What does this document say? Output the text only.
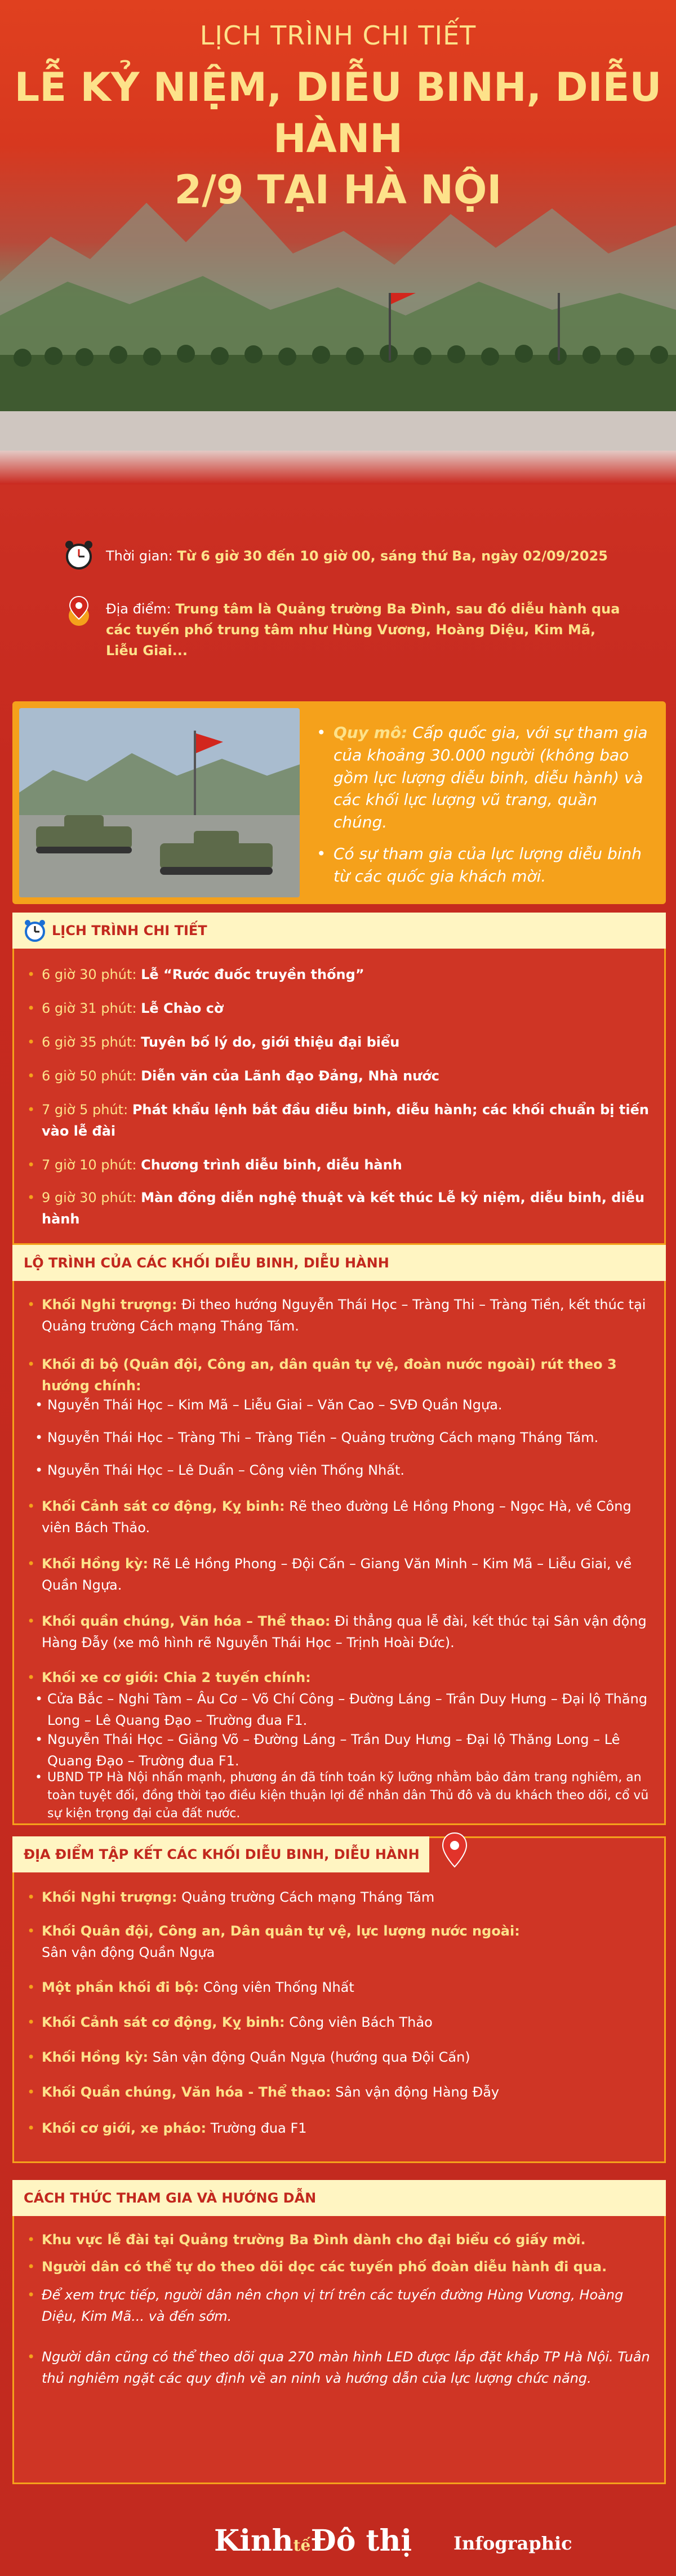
LỊCH TRÌNH CHI TIẾT
LỄ KỶ NIỆM, DIỄU BINH, DIỄU HÀNH
2/9 TẠI HÀ NỘI
Thời gian: Từ 6 giờ 30 đến 10 giờ 00, sáng thứ Ba, ngày 02/09/2025
Địa điểm: Trung tâm là Quảng trường Ba Đình, sau đó diễu hành qua các tuyến phố trung tâm như Hùng Vương, Hoàng Diệu, Kim Mã, Liễu Giai...
• Quy mô: Cấp quốc gia, với sự tham gia của khoảng 30.000 người (không bao gồm lực lượng diễu binh, diễu hành) và các khối lực lượng vũ trang, quần chúng.
• Có sự tham gia của lực lượng diễu binh từ các quốc gia khách mời.
LỊCH TRÌNH CHI TIẾT
• 6 giờ 30 phút: Lễ “Rước đuốc truyền thống”
• 6 giờ 31 phút: Lễ Chào cờ
• 6 giờ 35 phút: Tuyên bố lý do, giới thiệu đại biểu
• 6 giờ 50 phút: Diễn văn của Lãnh đạo Đảng, Nhà nước
• 7 giờ 5 phút: Phát khẩu lệnh bắt đầu diễu binh, diễu hành; các khối chuẩn bị tiến vào lễ đài
• 7 giờ 10 phút: Chương trình diễu binh, diễu hành
• 9 giờ 30 phút: Màn đồng diễn nghệ thuật và kết thúc Lễ kỷ niệm, diễu binh, diễu hành
LỘ TRÌNH CỦA CÁC KHỐI DIỄU BINH, DIỄU HÀNH
• Khối Nghi trượng: Đi theo hướng Nguyễn Thái Học – Tràng Thi – Tràng Tiền, kết thúc tại Quảng trường Cách mạng Tháng Tám.
• Khối đi bộ (Quân đội, Công an, dân quân tự vệ, đoàn nước ngoài) rút theo 3 hướng chính:
• Nguyễn Thái Học – Kim Mã – Liễu Giai – Văn Cao – SVĐ Quần Ngựa.
• Nguyễn Thái Học – Tràng Thi – Tràng Tiền – Quảng trường Cách mạng Tháng Tám.
• Nguyễn Thái Học – Lê Duẩn – Công viên Thống Nhất.
• Khối Cảnh sát cơ động, Kỵ binh: Rẽ theo đường Lê Hồng Phong – Ngọc Hà, về Công viên Bách Thảo.
• Khối Hồng kỳ: Rẽ Lê Hồng Phong – Đội Cấn – Giang Văn Minh – Kim Mã – Liễu Giai, về Quần Ngựa.
• Khối quần chúng, Văn hóa – Thể thao: Đi thẳng qua lễ đài, kết thúc tại Sân vận động Hàng Đẫy (xe mô hình rẽ Nguyễn Thái Học – Trịnh Hoài Đức).
• Khối xe cơ giới: Chia 2 tuyến chính:
• Cửa Bắc – Nghi Tàm – Âu Cơ – Võ Chí Công – Đường Láng – Trần Duy Hưng – Đại lộ Thăng Long – Lê Quang Đạo – Trường đua F1.
• Nguyễn Thái Học – Giảng Võ – Đường Láng – Trần Duy Hưng – Đại lộ Thăng Long – Lê Quang Đạo – Trường đua F1.
• UBND TP Hà Nội nhấn mạnh, phương án đã tính toán kỹ lưỡng nhằm bảo đảm trang nghiêm, an toàn tuyệt đối, đồng thời tạo điều kiện thuận lợi để nhân dân Thủ đô và du khách theo dõi, cổ vũ sự kiện trọng đại của đất nước.
ĐỊA ĐIỂM TẬP KẾT CÁC KHỐI DIỄU BINH, DIỄU HÀNH
• Khối Nghi trượng: Quảng trường Cách mạng Tháng Tám
• Khối Quân đội, Công an, Dân quân tự vệ, lực lượng nước ngoài:
Sân vận động Quần Ngựa
• Một phần khối đi bộ: Công viên Thống Nhất
• Khối Cảnh sát cơ động, Kỵ binh: Công viên Bách Thảo
• Khối Hồng kỳ: Sân vận động Quần Ngựa (hướng qua Đội Cấn)
• Khối Quần chúng, Văn hóa - Thể thao: Sân vận động Hàng Đẫy
• Khối cơ giới, xe pháo: Trường đua F1
CÁCH THỨC THAM GIA VÀ HƯỚNG DẪN
• Khu vực lễ đài tại Quảng trường Ba Đình dành cho đại biểu có giấy mời.
• Người dân có thể tự do theo dõi dọc các tuyến phố đoàn diễu hành đi qua.
• Để xem trực tiếp, người dân nên chọn vị trí trên các tuyến đường Hùng Vương, Hoàng Diệu, Kim Mã... và đến sớm.
• Người dân cũng có thể theo dõi qua 270 màn hình LED được lắp đặt khắp TP Hà Nội. Tuân thủ nghiêm ngặt các quy định về an ninh và hướng dẫn của lực lượng chức năng.
KinhtếĐô thị Infographic
